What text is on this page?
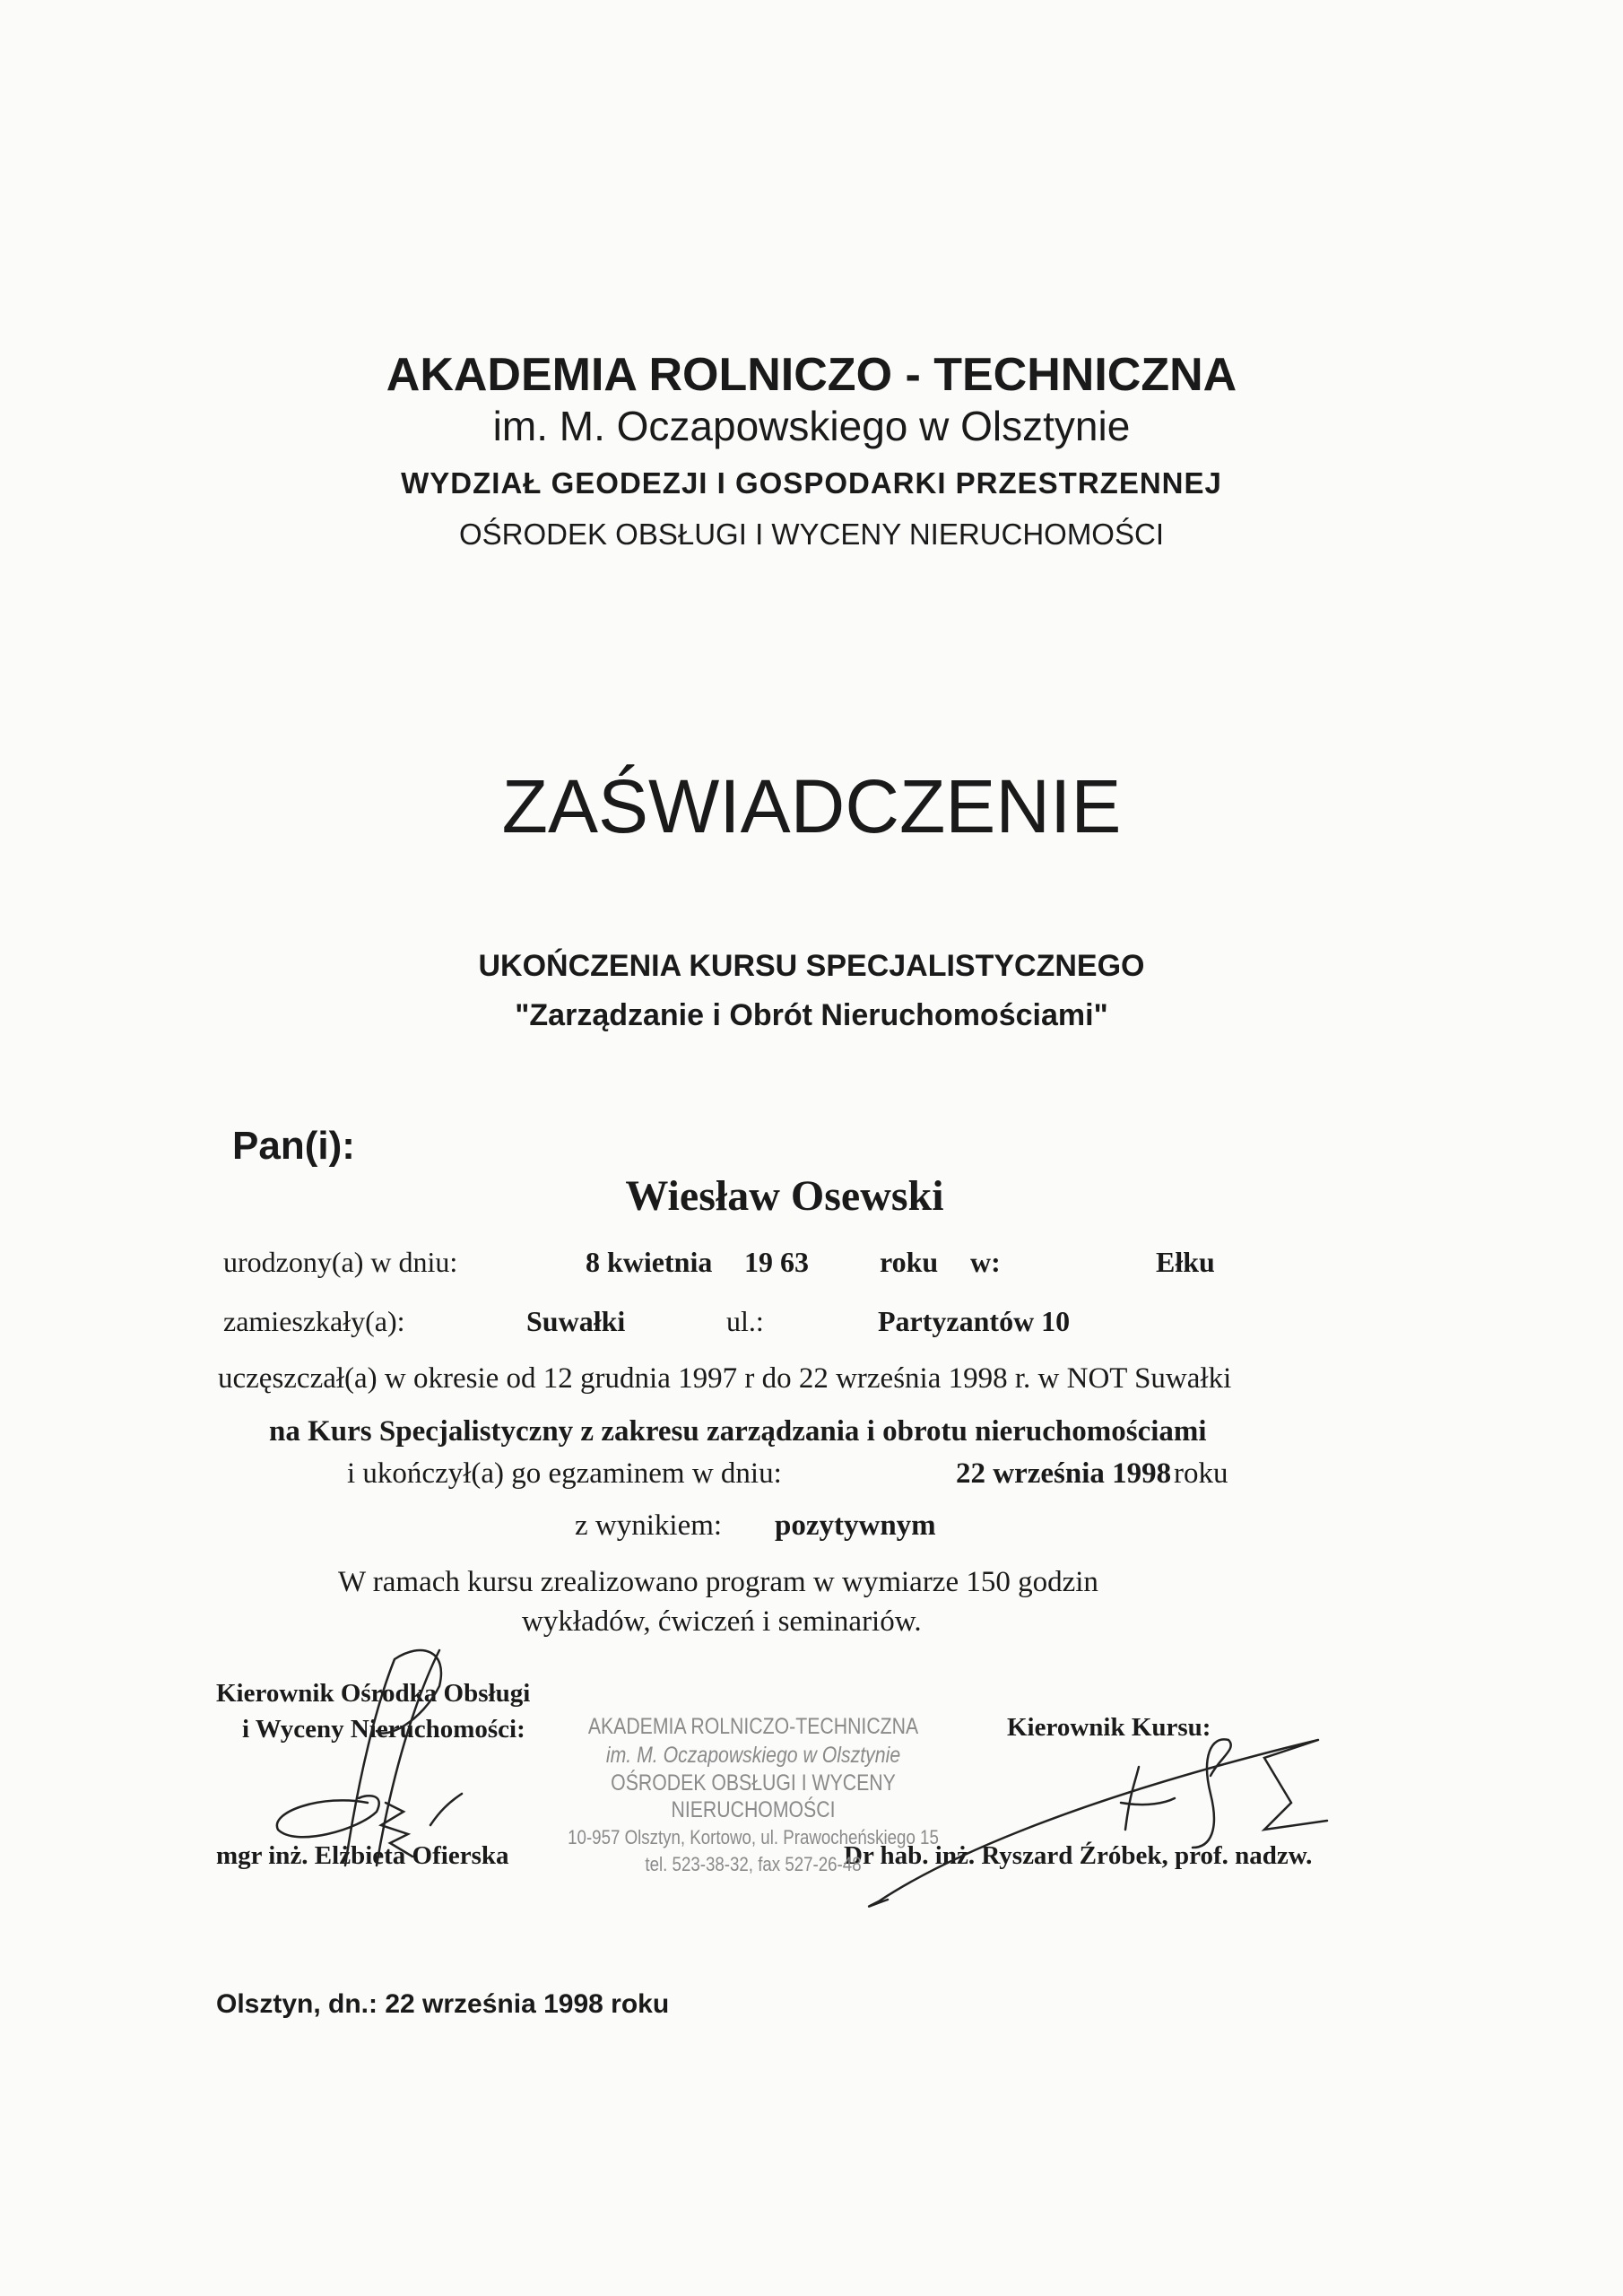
AKADEMIA ROLNICZO - TECHNICZNA
im. M. Oczapowskiego w Olsztynie
WYDZIAŁ GEODEZJI I GOSPODARKI PRZESTRZENNEJ
OŚRODEK OBSŁUGI I WYCENY NIERUCHOMOŚCI
ZAŚWIADCZENIE
UKOŃCZENIA KURSU SPECJALISTYCZNEGO
"Zarządzanie i Obrót Nieruchomościami"
Pan(i):
Wiesław Osewski
urodzony(a) w dniu:	8 kwietnia 19 63 roku w:	Ełku
zamieszkały(a):	Suwałki	ul.:	Partyzantów 10
uczęszczał(a) w okresie od 12 grudnia 1997 r do 22 września 1998 r. w NOT Suwałki
na Kurs Specjalistyczny z zakresu zarządzania i obrotu nieruchomościami
i ukończył(a) go egzaminem w dniu:	22 września 1998 roku
z wynikiem: pozytywnym
W ramach kursu zrealizowano program w wymiarze 150 godzin
wykładów, ćwiczeń i seminariów.
Kierownik Ośrodka Obsługi
i Wyceny Nieruchomości:	Kierownik Kursu:
mgr inż. Elżbieta Ofierska	Dr hab. inż. Ryszard Źróbek, prof. nadzw.
AKADEMIA ROLNICZO-TECHNICZNA
im. M. Oczapowskiego w Olsztynie
OŚRODEK OBSŁUGI I WYCENY
NIERUCHOMOŚCI
10-957 Olsztyn, Kortowo, ul. Prawocheńskiego 15
tel. 523-38-32, fax 527-26-48
Olsztyn, dn.: 22 września 1998 roku
